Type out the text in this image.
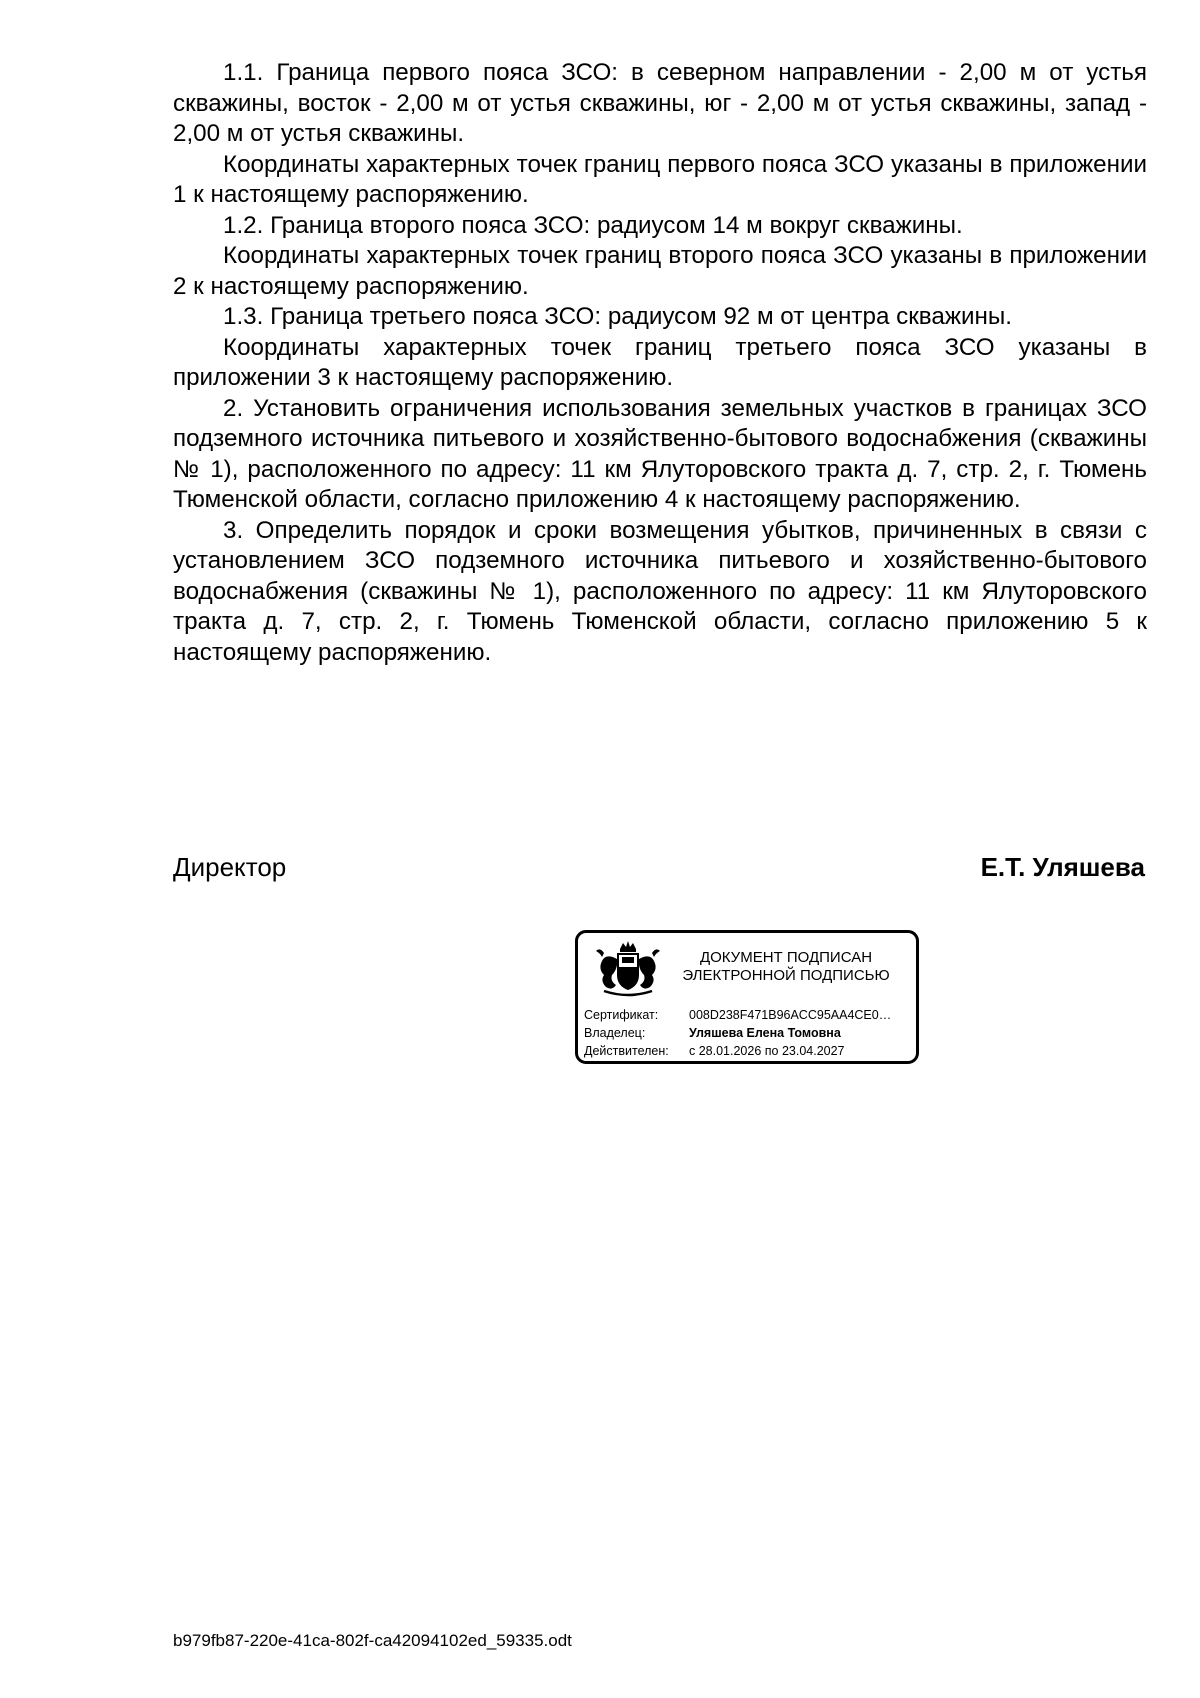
1.1. Граница первого пояса ЗСО: в северном направлении - 2,00 м от устья скважины, восток - 2,00 м от устья скважины, юг - 2,00 м от устья скважины, запад - 2,00 м от устья скважины.

Координаты характерных точек границ первого пояса ЗСО указаны в приложении 1 к настоящему распоряжению.

1.2. Граница второго пояса ЗСО: радиусом 14 м вокруг скважины.

Координаты характерных точек границ второго пояса ЗСО указаны в приложении 2 к настоящему распоряжению.

1.3. Граница третьего пояса ЗСО: радиусом 92 м от центра скважины.

Координаты характерных точек границ третьего пояса ЗСО указаны в приложении 3 к настоящему распоряжению.

2. Установить ограничения использования земельных участков в границах ЗСО подземного источника питьевого и хозяйственно-бытового водоснабжения (скважины № 1), расположенного по адресу: 11 км Ялуторовского тракта д. 7, стр. 2, г. Тюмень Тюменской области, согласно приложению 4 к настоящему распоряжению.

3. Определить порядок и сроки возмещения убытков, причиненных в связи с установлением ЗСО подземного источника питьевого и хозяйственно-бытового водоснабжения (скважины № 1), расположенного по адресу: 11 км Ялуторовского тракта д. 7, стр. 2, г. Тюмень Тюменской области, согласно приложению 5 к настоящему распоряжению.

Директор	Е.Т. Уляшева
ДОКУМЕНТ ПОДПИСАН
ЭЛЕКТРОННОЙ ПОДПИСЬЮ
Сертификат: 008D238F471B96ACC95AA4CE0…
Владелец:	Уляшева Елена Томовна
Действителен: с 28.01.2026 по 23.04.2027
b979fb87-220e-41ca-802f-ca42094102ed_59335.odt
